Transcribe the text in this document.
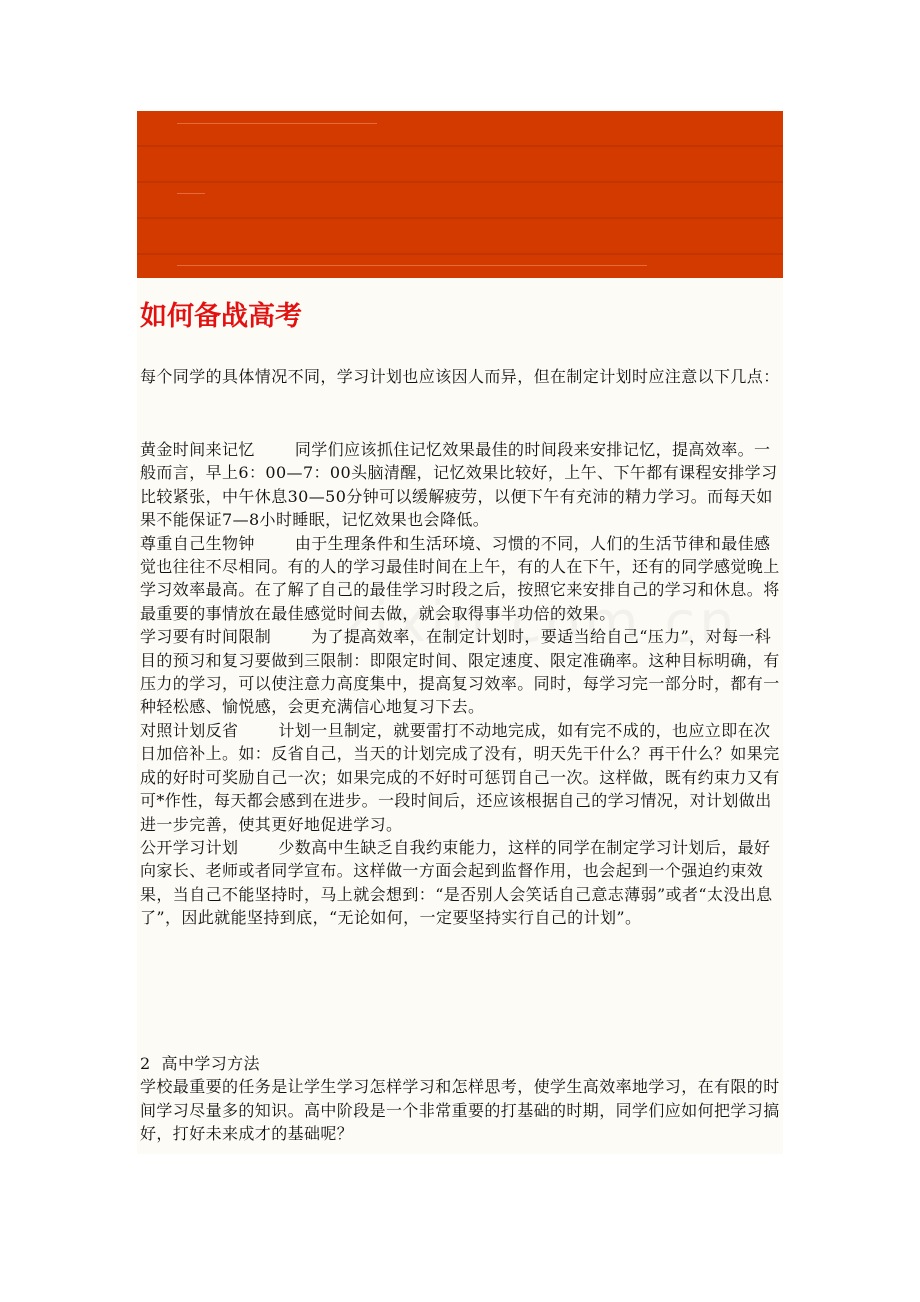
如何备战高考

每个同学的具体情况不同，学习计划也应该因人而异，但在制定计划时应注意以下几点：

黄金时间来记忆	同学们应该抓住记忆效果最佳的时间段来安排记忆，提高效率。一般而言，早上6：00—7：00头脑清醒，记忆效果比较好，上午、下午都有课程安排学习比较紧张，中午休息30—50分钟可以缓解疲劳，以便下午有充沛的精力学习。而每天如果不能保证7—8小时睡眠，记忆效果也会降低。

尊重自己生物钟	由于生理条件和生活环境、习惯的不同，人们的生活节律和最佳感觉也往往不尽相同。有的人的学习最佳时间在上午，有的人在下午，还有的同学感觉晚上学习效率最高。在了解了自己的最佳学习时段之后，按照它来安排自己的学习和休息。将最重要的事情放在最佳感觉时间去做，就会取得事半功倍的效果。

学习要有时间限制	为了提高效率，在制定计划时，要适当给自己“压力”，对每一科目的预习和复习要做到三限制：即限定时间、限定速度、限定准确率。这种目标明确，有压力的学习，可以使注意力高度集中，提高复习效率。同时，每学习完一部分时，都有一种轻松感、愉悦感，会更充满信心地复习下去。

对照计划反省	计划一旦制定，就要雷打不动地完成，如有完不成的，也应立即在次日加倍补上。如：反省自己，当天的计划完成了没有，明天先干什么？再干什么？如果完成的好时可奖励自己一次；如果完成的不好时可惩罚自己一次。这样做，既有约束力又有可*作性，每天都会感到在进步。一段时间后，还应该根据自己的学习情况，对计划做出进一步完善，使其更好地促进学习。

公开学习计划	少数高中生缺乏自我约束能力，这样的同学在制定学习计划后，最好向家长、老师或者同学宣布。这样做一方面会起到监督作用，也会起到一个强迫约束效果，当自己不能坚持时，马上就会想到：“是否别人会笑话自己意志薄弱”或者“太没出息了”，因此就能坚持到底，“无论如何，一定要坚持实行自己的计划”。

2  高中学习方法

学校最重要的任务是让学生学习怎样学习和怎样思考，使学生高效率地学习，在有限的时间学习尽量多的知识。高中阶段是一个非常重要的打基础的时期，同学们应如何把学习搞好，打好未来成才的基础呢？
